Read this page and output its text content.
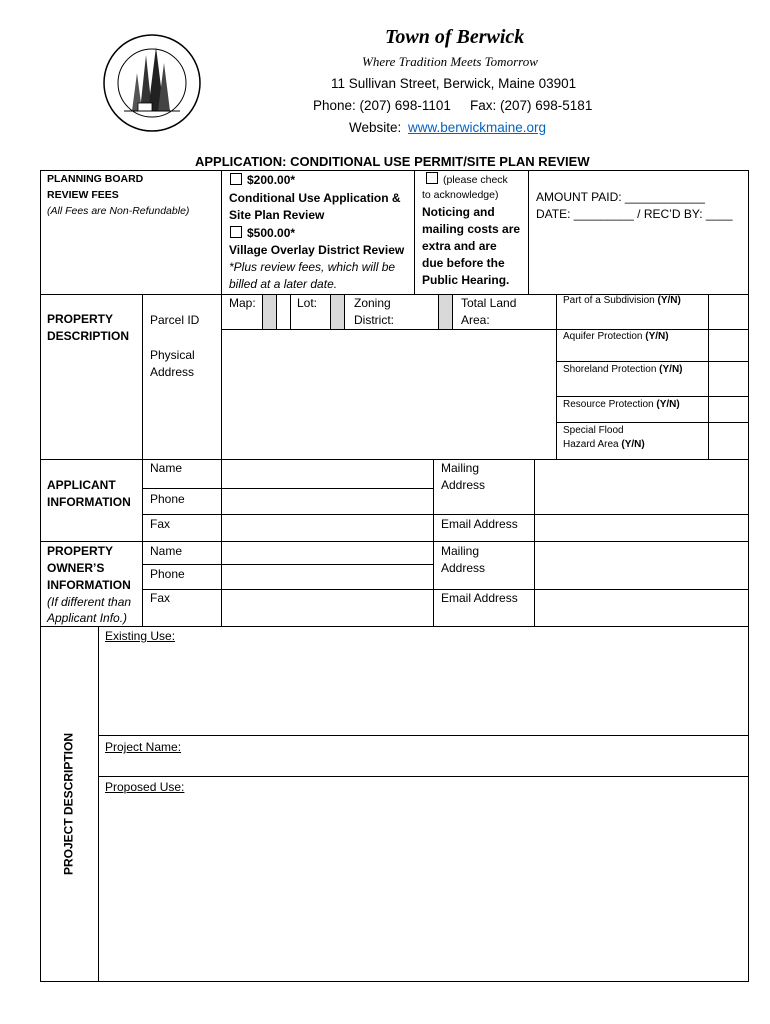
Town of Berwick
Where Tradition Meets Tomorrow
11 Sullivan Street, Berwick, Maine 03901
Phone: (207) 698-1101 Fax: (207) 698-5181
Website: www.berwickmaine.org
APPLICATION: CONDITIONAL USE PERMIT/SITE PLAN REVIEW
PLANNING BOARD
REVIEW FEES
(All Fees are Non-Refundable)
$200.00*
Conditional Use Application &
Site Plan Review
$500.00*
Village Overlay District Review
*Plus review fees, which will be
billed at a later date.
(please check
to acknowledge)
Noticing and
mailing costs are
extra and are
due before the
Public Hearing.
AMOUNT PAID: ____________
DATE: _________ / REC’D BY: ____
PROPERTY
DESCRIPTION
Map:	Lot:	Zoning
District:
Total Land
Area:
Parcel ID
Physical
Address
Part of a Subdivision (Y/N)
Aquifer Protection (Y/N)
Shoreland Protection (Y/N)
Resource Protection (Y/N)
Special Flood
Hazard Area (Y/N)
APPLICANT
INFORMATION
Name
Phone
Fax
Mailing
Address
Email Address
PROPERTY
OWNER’S
INFORMATION
(If different than
Applicant Info.)
Name
Phone
Fax
Mailing
Address
Email Address
PROJECT DESCRIPTION
Existing Use:
Project Name:
Proposed Use:
